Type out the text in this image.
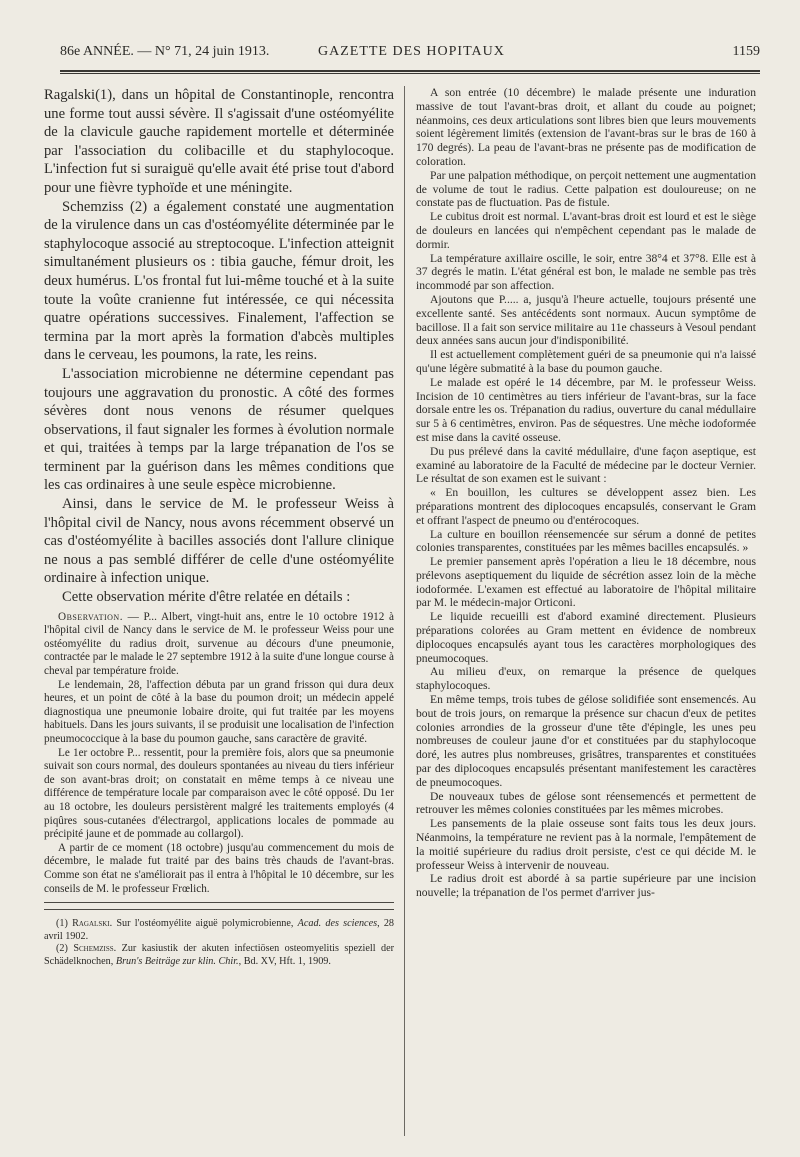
86e ANNÉE. — N° 71, 24 juin 1913.	GAZETTE DES HOPITAUX	1159

Ragalski(1), dans un hôpital de Constantinople, rencontra une forme tout aussi sévère. Il s'agissait d'une ostéomyélite de la clavicule gauche rapidement mortelle et déterminée par l'association du colibacille et du staphylocoque. L'infection fut si suraiguë qu'elle avait été prise tout d'abord pour une fièvre typhoïde et une méningite.

Schemziss (2) a également constaté une augmentation de la virulence dans un cas d'ostéomyélite déterminée par le staphylocoque associé au streptocoque. L'infection atteignit simultanément plusieurs os : tibia gauche, fémur droit, les deux humérus. L'os frontal fut lui-même touché et à la suite toute la voûte cranienne fut intéressée, ce qui nécessita quatre opérations successives. Finalement, l'affection se termina par la mort après la formation d'abcès multiples dans le cerveau, les poumons, la rate, les reins.

L'association microbienne ne détermine cependant pas toujours une aggravation du pronostic. A côté des formes sévères dont nous venons de résumer quelques observations, il faut signaler les formes à évolution normale et qui, traitées à temps par la large trépanation de l'os se terminent par la guérison dans les mêmes conditions que les cas ordinaires à une seule espèce microbienne.

Ainsi, dans le service de M. le professeur Weiss à l'hôpital civil de Nancy, nous avons récemment observé un cas d'ostéomyélite à bacilles associés dont l'allure clinique ne nous a pas semblé différer de celle d'une ostéomyélite ordinaire à infection unique.

Cette observation mérite d'être relatée en détails :

Observation. — P... Albert, vingt-huit ans, entre le 10 octobre 1912 à l'hôpital civil de Nancy dans le service de M. le professeur Weiss pour une ostéomyélite du radius droit, survenue au décours d'une pneumonie, contractée par le malade le 27 septembre 1912 à la suite d'une longue course à cheval par température froide.

Le lendemain, 28, l'affection débuta par un grand frisson qui dura deux heures, et un point de côté à la base du poumon droit; un médecin appelé diagnostiqua une pneumonie lobaire droite, qui fut traitée par les moyens habituels. Dans les jours suivants, il se produisit une localisation de l'infection pneumococcique à la base du poumon gauche, sans caractère de gravité.

Le 1er octobre P... ressentit, pour la première fois, alors que sa pneumonie suivait son cours normal, des douleurs spontanées au niveau du tiers inférieur de son avant-bras droit; on constatait en même temps à ce niveau une différence de température locale par comparaison avec le côté opposé. Du 1er au 18 octobre, les douleurs persistèrent malgré les traitements employés (4 piqûres sous-cutanées d'électrargol, applications locales de pommade au précipité jaune et de pommade au collargol).

A partir de ce moment (18 octobre) jusqu'au commencement du mois de décembre, le malade fut traité par des bains très chauds de l'avant-bras. Comme son état ne s'améliorait pas il entra à l'hôpital le 10 décembre, sur les conseils de M. le professeur Frœlich.

(1) Ragalski. Sur l'ostéomyélite aiguë polymicrobienne, Acad. des sciences, 28 avril 1902.

(2) Schemziss. Zur kasiustik der akuten infectiösen osteomyelitis speziell der Schädelknochen, Brun's Beiträge zur klin. Chir., Bd. XV, Hft. 1, 1909.

A son entrée (10 décembre) le malade présente une induration massive de tout l'avant-bras droit, et allant du coude au poignet; néanmoins, ces deux articulations sont libres bien que leurs mouvements soient légèrement limités (extension de l'avant-bras sur le bras de 160 à 170 degrés). La peau de l'avant-bras ne présente pas de modification de coloration.

Par une palpation méthodique, on perçoit nettement une augmentation de volume de tout le radius. Cette palpation est douloureuse; on ne constate pas de fluctuation. Pas de fistule.

Le cubitus droit est normal. L'avant-bras droit est lourd et est le siège de douleurs en lancées qui n'empêchent cependant pas le malade de dormir.

La température axillaire oscille, le soir, entre 38°4 et 37°8. Elle est à 37 degrés le matin. L'état général est bon, le malade ne semble pas très incommodé par son affection.

Ajoutons que P..... a, jusqu'à l'heure actuelle, toujours présenté une excellente santé. Ses antécédents sont normaux. Aucun symptôme de bacillose. Il a fait son service militaire au 11e chasseurs à Vesoul pendant deux années sans aucun jour d'indisponibilité.

Il est actuellement complètement guéri de sa pneumonie qui n'a laissé qu'une légère submatité à la base du poumon gauche.

Le malade est opéré le 14 décembre, par M. le professeur Weiss. Incision de 10 centimètres au tiers inférieur de l'avant-bras, sur la face dorsale entre les os. Trépanation du radius, ouverture du canal médullaire sur 5 à 6 centimètres, environ. Pas de séquestres. Une mèche iodoformée est mise dans la cavité osseuse.

Du pus prélevé dans la cavité médullaire, d'une façon aseptique, est examiné au laboratoire de la Faculté de médecine par le docteur Vernier. Le résultat de son examen est le suivant :

« En bouillon, les cultures se développent assez bien. Les préparations montrent des diplocoques encapsulés, conservant le Gram et offrant l'aspect de pneumo ou d'entérocoques.

La culture en bouillon réensemencée sur sérum a donné de petites colonies transparentes, constituées par les mêmes bacilles encapsulés. »

Le premier pansement après l'opération a lieu le 18 décembre, nous prélevons aseptiquement du liquide de sécrétion assez loin de la mèche iodoformée. L'examen est effectué au laboratoire de l'hôpital militaire par M. le médecin-major Orticoni.

Le liquide recueilli est d'abord examiné directement. Plusieurs préparations colorées au Gram mettent en évidence de nombreux diplocoques encapsulés ayant tous les caractères morphologiques des pneumocoques.

Au milieu d'eux, on remarque la présence de quelques staphylocoques.

En même temps, trois tubes de gélose solidifiée sont ensemencés. Au bout de trois jours, on remarque la présence sur chacun d'eux de petites colonies arrondies de la grosseur d'une tête d'épingle, les unes peu nombreuses de couleur jaune d'or et constituées par du staphylocoque doré, les autres plus nombreuses, grisâtres, transparentes et constituées par des diplocoques encapsulés présentant manifestement les caractères de pneumocoques.

De nouveaux tubes de gélose sont réensemencés et permettent de retrouver les mêmes colonies constituées par les mêmes microbes.

Les pansements de la plaie osseuse sont faits tous les deux jours. Néanmoins, la température ne revient pas à la normale, l'empâtement de la moitié supérieure du radius droit persiste, c'est ce qui décide M. le professeur Weiss à intervenir de nouveau.

Le radius droit est abordé à sa partie supérieure par une incision nouvelle; la trépanation de l'os permet d'arriver jus-
